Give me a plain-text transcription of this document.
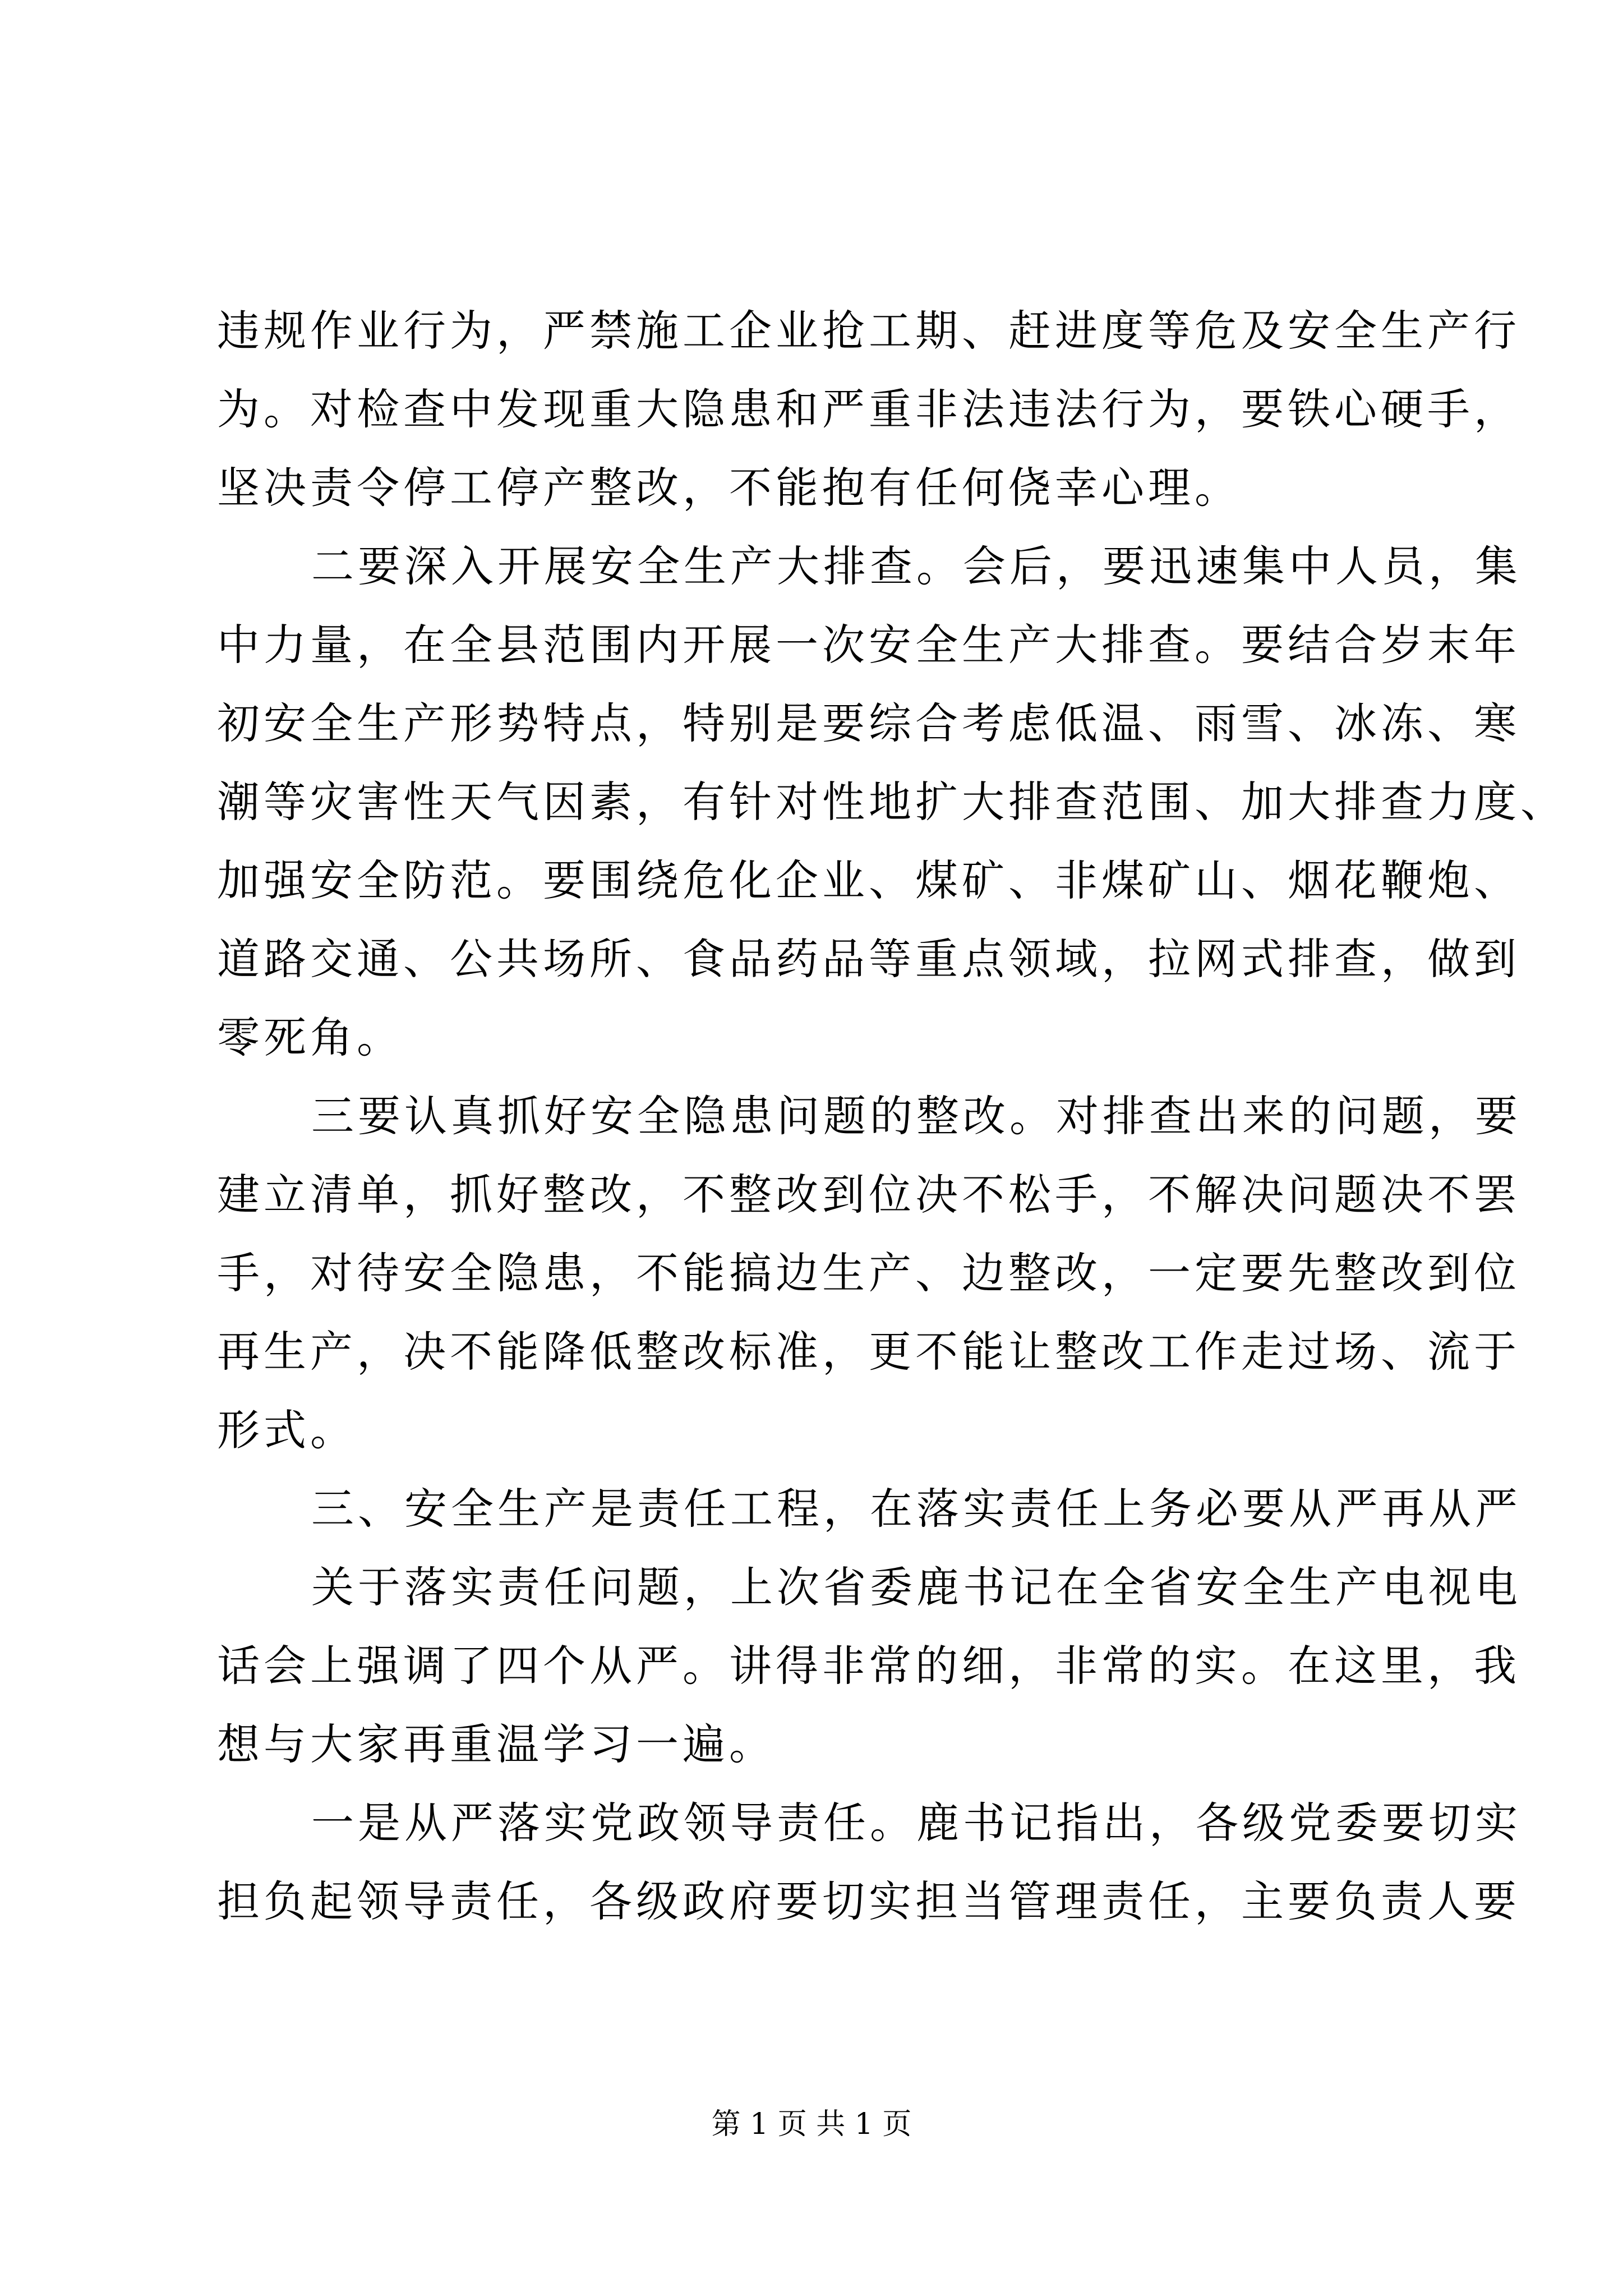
违规作业行为，严禁施工企业抢工期、赶进度等危及安全生产行
为。对检查中发现重大隐患和严重非法违法行为，要铁心硬手，
坚决责令停工停产整改，不能抱有任何侥幸心理。
二要深入开展安全生产大排查。会后，要迅速集中人员，集
中力量，在全县范围内开展一次安全生产大排查。要结合岁末年
初安全生产形势特点，特别是要综合考虑低温、雨雪、冰冻、寒
潮等灾害性天气因素，有针对性地扩大排查范围、加大排查力度、
加强安全防范。要围绕危化企业、煤矿、非煤矿山、烟花鞭炮、
道路交通、公共场所、食品药品等重点领域，拉网式排查，做到
零死角。
三要认真抓好安全隐患问题的整改。对排查出来的问题，要
建立清单，抓好整改，不整改到位决不松手，不解决问题决不罢
手，对待安全隐患，不能搞边生产、边整改，一定要先整改到位
再生产，决不能降低整改标准，更不能让整改工作走过场、流于
形式。
三、安全生产是责任工程，在落实责任上务必要从严再从严
关于落实责任问题，上次省委鹿书记在全省安全生产电视电
话会上强调了四个从严。讲得非常的细，非常的实。在这里，我
想与大家再重温学习一遍。
一是从严落实党政领导责任。鹿书记指出，各级党委要切实
担负起领导责任，各级政府要切实担当管理责任，主要负责人要
第 1 页 共 1 页
